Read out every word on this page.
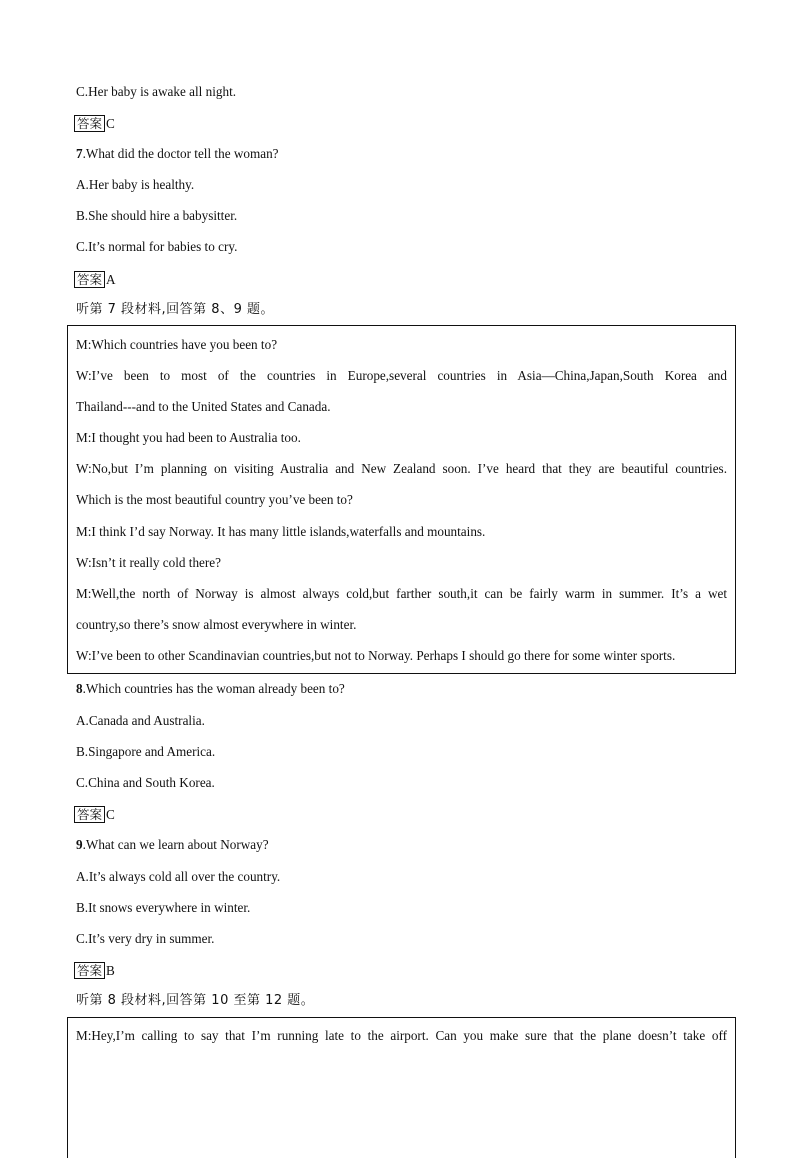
C.Her baby is awake all night.
答案 C
7.What did the doctor tell the woman?
A.Her baby is healthy.
B.She should hire a babysitter.
C.It’s normal for babies to cry.
答案 A
听第 7 段材料,回答第 8、9 题。
M:Which countries have you been to?
W:I’ve been to most of the countries in Europe,several countries in Asia—China,Japan,South Korea and
Thailand---and to the United States and Canada.
M:I thought you had been to Australia too.
W:No,but I’m planning on visiting Australia and New Zealand soon. I’ve heard that they are beautiful countries.
Which is the most beautiful country you’ve been to?
M:I think I’d say Norway. It has many little islands,waterfalls and mountains.
W:Isn’t it really cold there?
M:Well,the north of Norway is almost always cold,but farther south,it can be fairly warm in summer. It’s a wet
country,so there’s snow almost everywhere in winter.
W:I’ve been to other Scandinavian countries,but not to Norway. Perhaps I should go there for some winter sports.
8.Which countries has the woman already been to?
A.Canada and Australia.
B.Singapore and America.
C.China and South Korea.
答案 C
9.What can we learn about Norway?
A.It’s always cold all over the country.
B.It snows everywhere in winter.
C.It’s very dry in summer.
答案 B
听第 8 段材料,回答第 10 至第 12 题。
M:Hey,I’m calling to say that I’m running late to the airport. Can you make sure that the plane doesn’t take off
